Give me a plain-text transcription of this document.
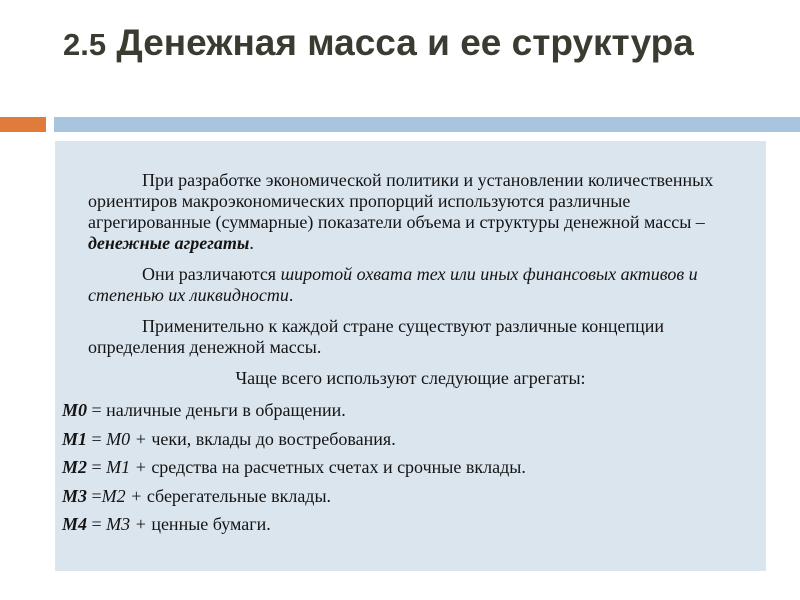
2.5 Денежная масса и ее структура

При разработке экономической политики и установлении количественных ориентиров макроэкономических пропорций используются различные агрегированные (суммарные) показатели объема и структуры денежной массы – денежные агрегаты.

Они различаются широтой охвата тех или иных финансовых активов и степенью их ликвидности.

Применительно к каждой стране существуют различные концепции определения денежной массы.

Чаще всего используют следующие агрегаты:

M0 = наличные деньги в обращении.

M1 = M0 + чеки, вклады до востребования.

M2 = M1 + средства на расчетных счетах и срочные вклады.

M3 =M2 + сберегательные вклады.

M4 = M3 + ценные бумаги.
